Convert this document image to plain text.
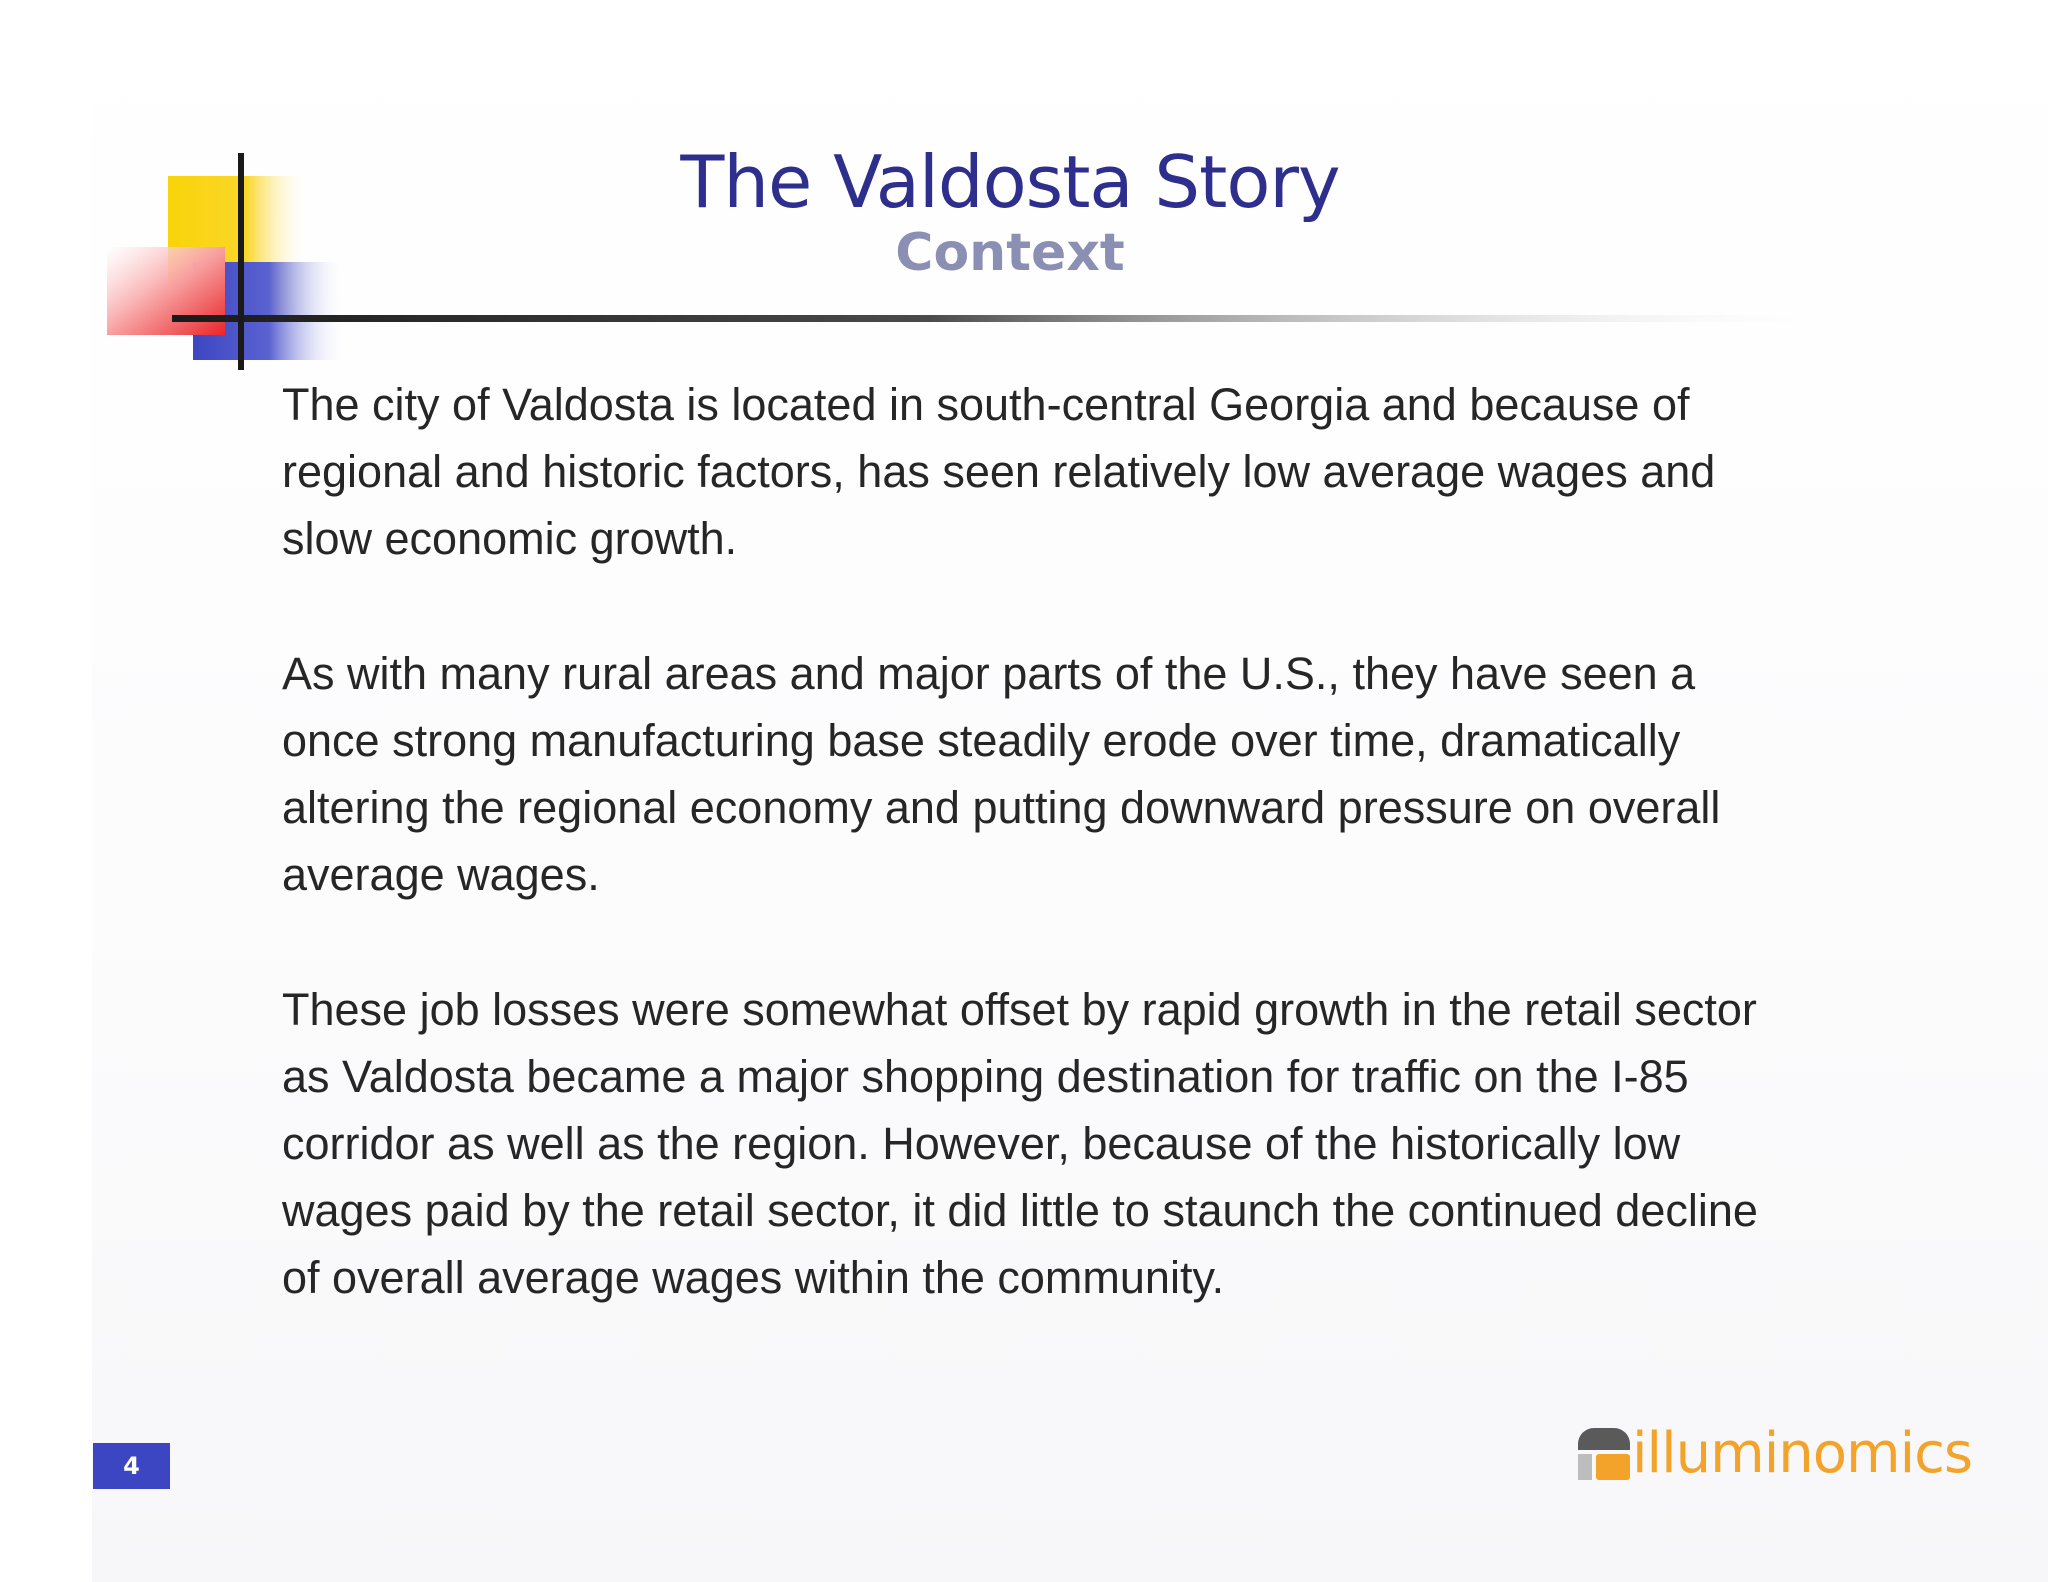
The Valdosta Story
Context

The city of Valdosta is located in south-central Georgia and because of
regional and historic factors, has seen relatively low average wages and
slow economic growth.

As with many rural areas and major parts of the U.S., they have seen a
once strong manufacturing base steadily erode over time, dramatically
altering the regional economy and putting downward pressure on overall
average wages.

These job losses were somewhat offset by rapid growth in the retail sector
as Valdosta became a major shopping destination for traffic on the I-85
corridor as well as the region. However, because of the historically low
wages paid by the retail sector, it did little to staunch the continued decline
of overall average wages within the community.

4	illuminomics
